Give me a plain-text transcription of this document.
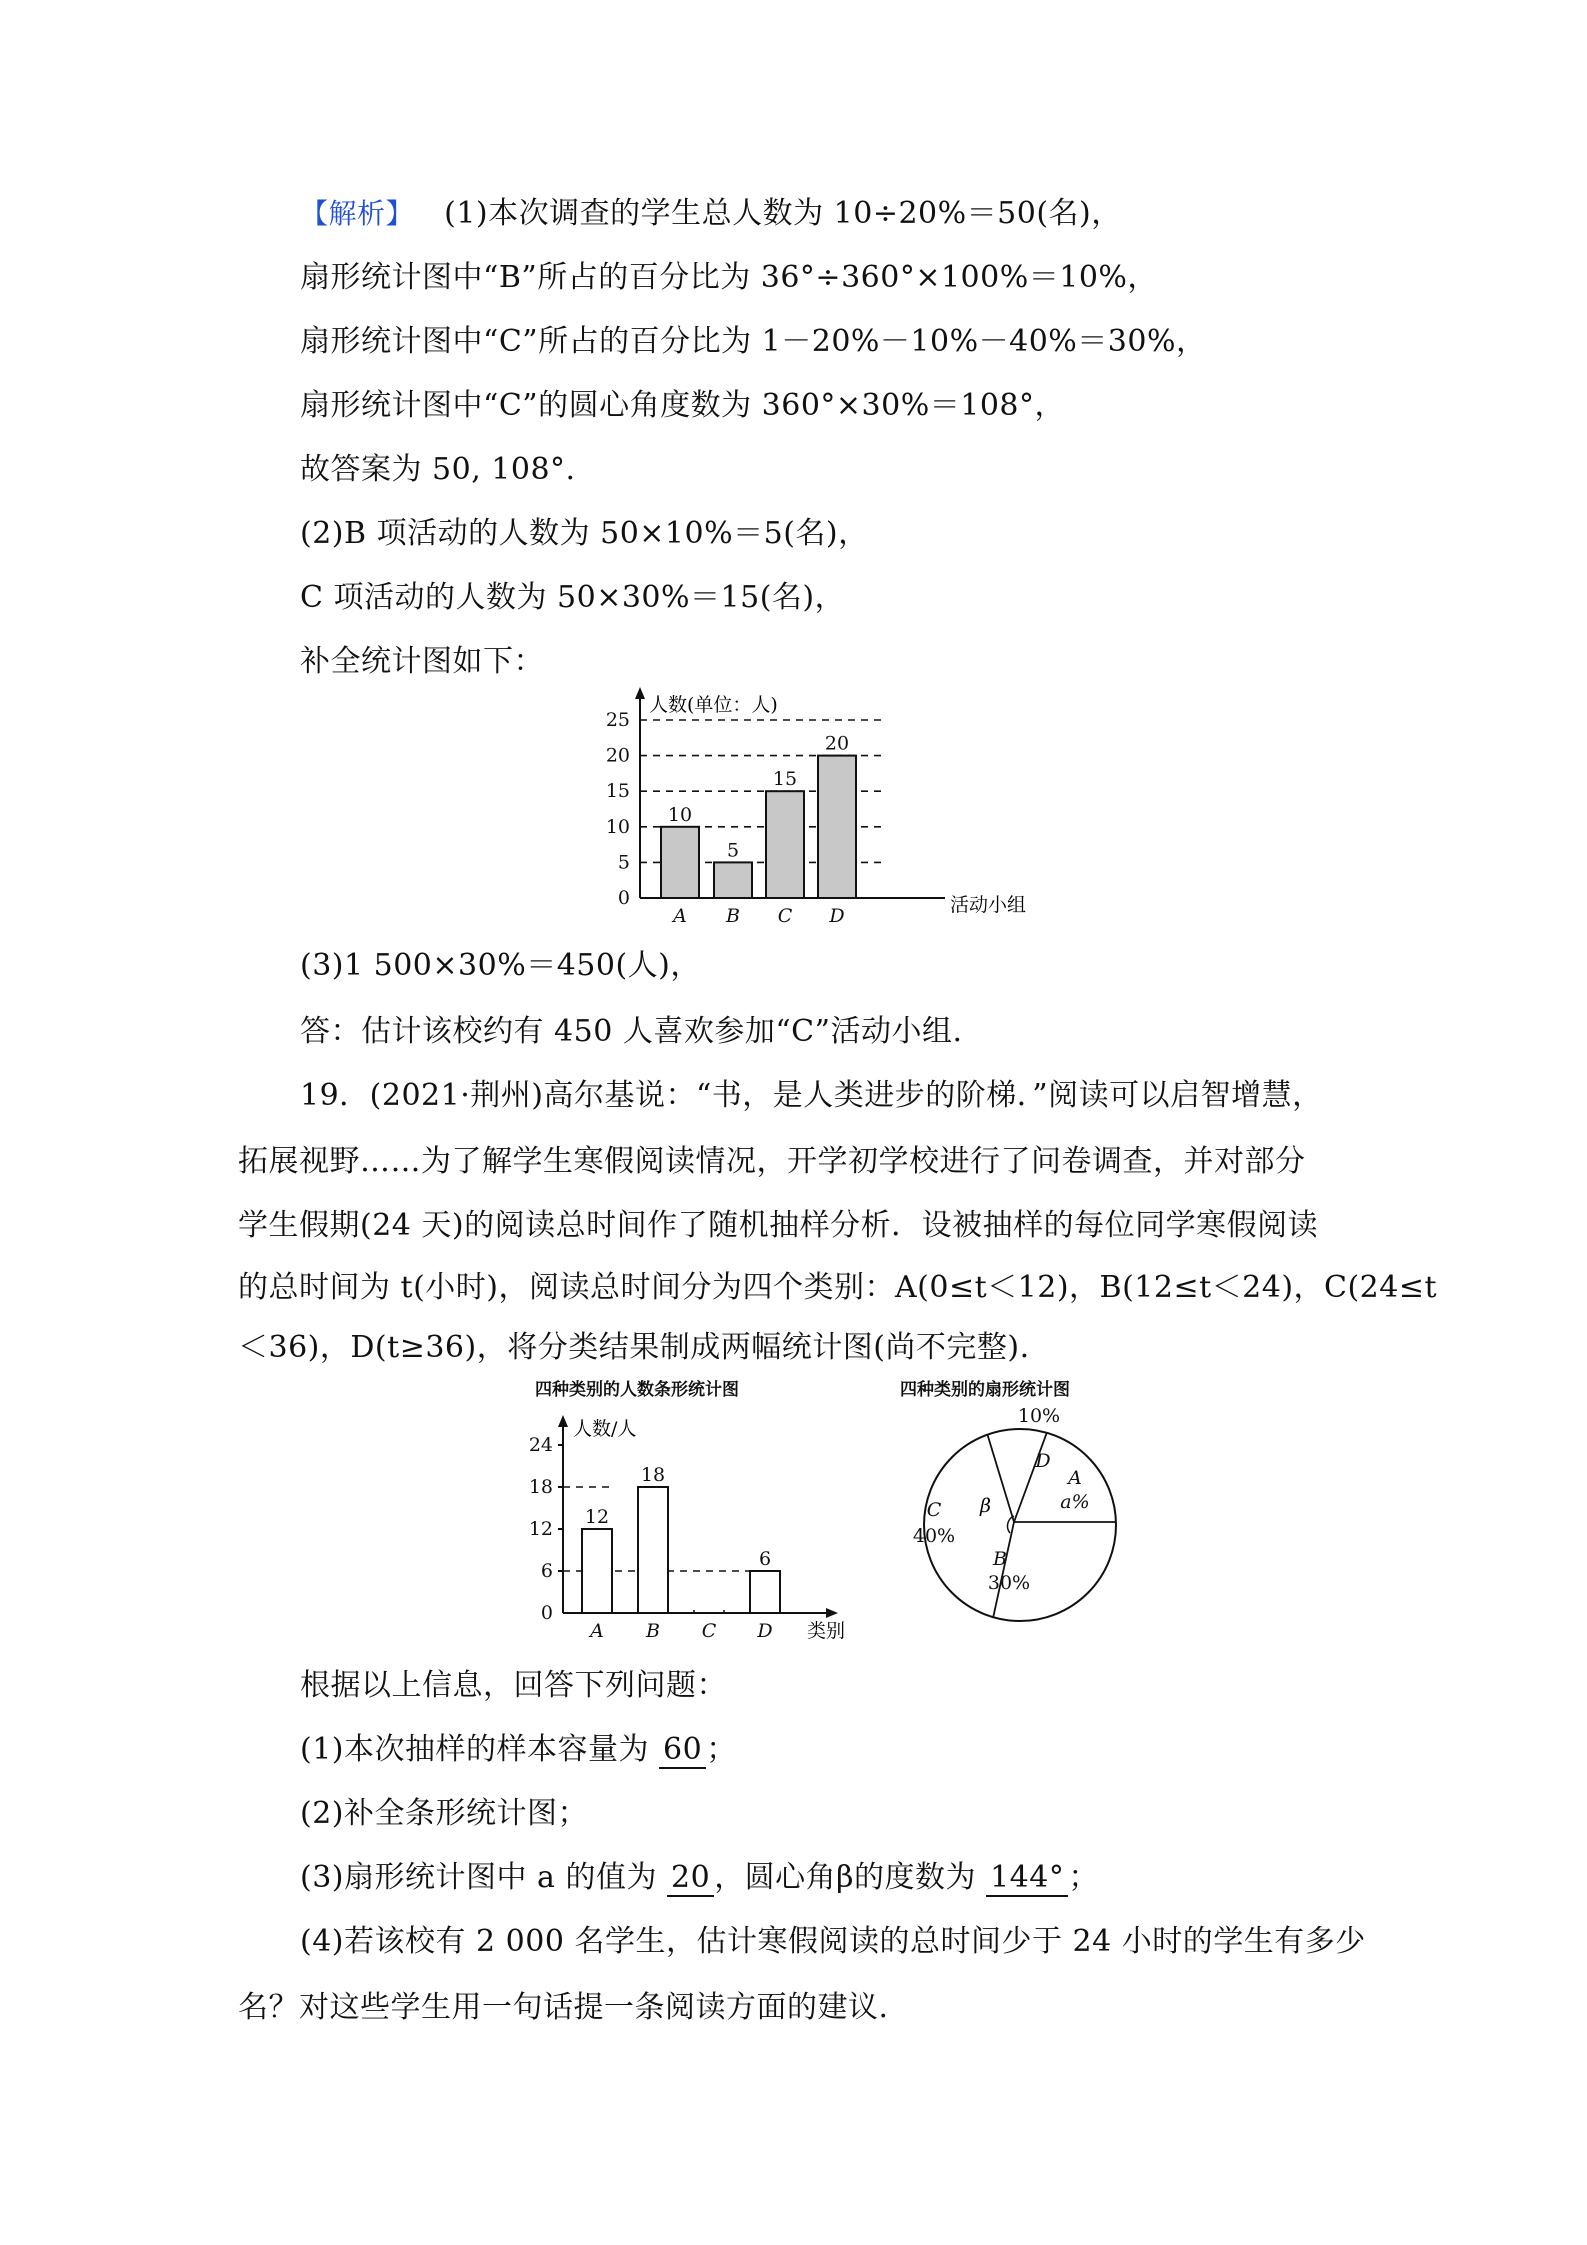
【解析】 (1)本次调查的学生总人数为 10÷20%＝50(名)，
扇形统计图中“B”所占的百分比为 36°÷360°×100%＝10%，
扇形统计图中“C”所占的百分比为 1－20%－10%－40%＝30%，
扇形统计图中“C”的圆心角度数为 360°×30%＝108°，
故答案为 50, 108°.
(2)B 项活动的人数为 50×10%＝5(名)，
C 项活动的人数为 50×30%＝15(名)，
补全统计图如下：
人数(单位：人)
活动小组
0
5
10
15
20
25
A B C D
10
5
15
20
(3)1 500×30%＝450(人)，
答：估计该校约有 450 人喜欢参加“C”活动小组.
19．(2021·荆州)高尔基说：“书，是人类进步的阶梯．”阅读可以启智增慧，
拓展视野……为了解学生寒假阅读情况，开学初学校进行了问卷调查，并对部分
学生假期(24 天)的阅读总时间作了随机抽样分析．设被抽样的每位同学寒假阅读
的总时间为 t(小时)，阅读总时间分为四个类别：A(0≤t＜12)，B(12≤t＜24)，C(24≤t
＜36)，D(t≥36)，将分类结果制成两幅统计图(尚不完整).
四种类别的人数条形统计图
人数/人
类别
0
6
12
18
24
A B C D
12
18
6
四种类别的扇形统计图
10%
D
A
a%
B
30%
C
40%
β
根据以上信息，回答下列问题：
(1)本次抽样的样本容量为 60 ；
(2)补全条形统计图；
(3)扇形统计图中 a 的值为 20 ，圆心角β的度数为 144° ；
(4)若该校有 2 000 名学生，估计寒假阅读的总时间少于 24 小时的学生有多少
名？对这些学生用一句话提一条阅读方面的建议.
